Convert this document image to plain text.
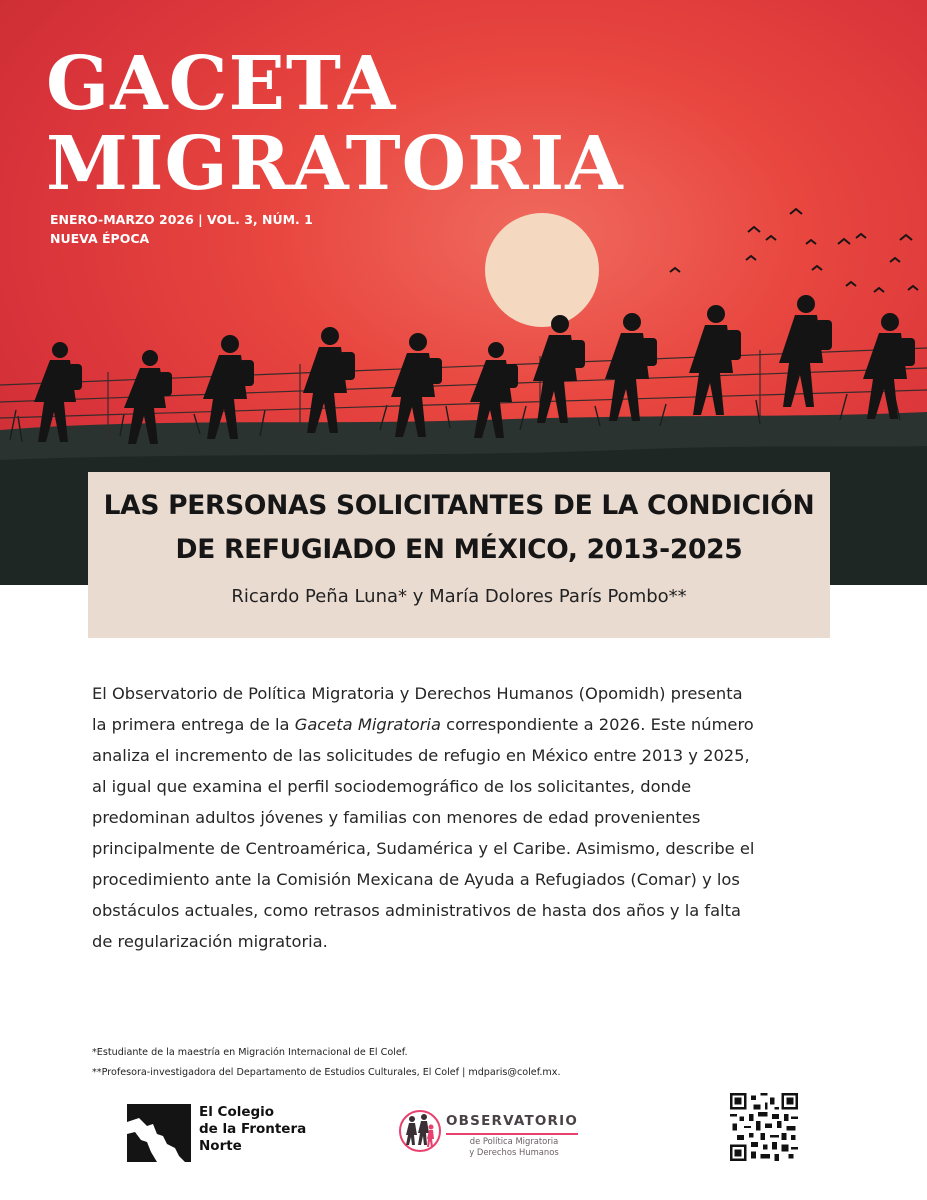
GACETA
MIGRATORIA
ENERO-MARZO 2026 | VOL. 3, NÚM. 1
NUEVA ÉPOCA
LAS PERSONAS SOLICITANTES DE LA CONDICIÓN
DE REFUGIADO EN MÉXICO, 2013-2025
Ricardo Peña Luna* y María Dolores París Pombo**
El Observatorio de Política Migratoria y Derechos Humanos (Opomidh) presenta
la primera entrega de la Gaceta Migratoria correspondiente a 2026. Este número
analiza el incremento de las solicitudes de refugio en México entre 2013 y 2025,
al igual que examina el perfil sociodemográfico de los solicitantes, donde
predominan adultos jóvenes y familias con menores de edad provenientes
principalmente de Centroamérica, Sudamérica y el Caribe. Asimismo, describe el
procedimiento ante la Comisión Mexicana de Ayuda a Refugiados (Comar) y los
obstáculos actuales, como retrasos administrativos de hasta dos años y la falta
de regularización migratoria.
*Estudiante de la maestría en Migración Internacional de El Colef.
**Profesora-investigadora del Departamento de Estudios Culturales, El Colef | mdparis@colef.mx.
El Colegio
de la Frontera
Norte
OBSERVATORIO
de Política Migratoria
y Derechos Humanos
